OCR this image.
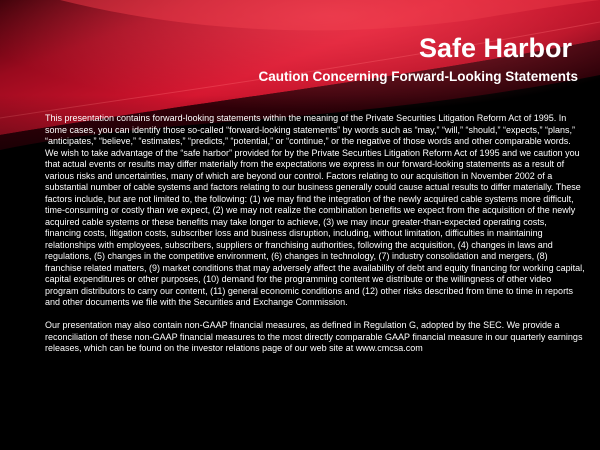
Safe Harbor
Caution Concerning Forward-Looking Statements

This presentation contains forward-looking statements within the meaning of the Private Securities Litigation Reform Act of 1995. In some cases, you can identify those so-called “forward-looking statements” by words such as “may,” “will,” “should,” “expects,” “plans,” “anticipates,” “believe,” “estimates,” “predicts,” “potential,” or “continue,” or the negative of those words and other comparable words. We wish to take advantage of the “safe harbor” provided for by the Private Securities Litigation Reform Act of 1995 and we caution you that actual events or results may differ materially from the expectations we express in our forward-looking statements as a result of various risks and uncertainties, many of which are beyond our control. Factors relating to our acquisition in November 2002 of a substantial number of cable systems and factors relating to our business generally could cause actual results to differ materially. These factors include, but are not limited to, the following: (1) we may find the integration of the newly acquired cable systems more difficult, time-consuming or costly than we expect, (2) we may not realize the combination benefits we expect from the acquisition of the newly acquired cable systems or these benefits may take longer to achieve, (3) we may incur greater-than-expected operating costs, financing costs, litigation costs, subscriber loss and business disruption, including, without limitation, difficulties in maintaining relationships with employees, subscribers, suppliers or franchising authorities, following the acquisition, (4) changes in laws and regulations, (5) changes in the competitive environment, (6) changes in technology, (7) industry consolidation and mergers, (8) franchise related matters, (9) market conditions that may adversely affect the availability of debt and equity financing for working capital, capital expenditures or other purposes, (10) demand for the programming content we distribute or the willingness of other video program distributors to carry our content, (11) general economic conditions and (12) other risks described from time to time in reports and other documents we file with the Securities and Exchange Commission.

Our presentation may also contain non-GAAP financial measures, as defined in Regulation G, adopted by the SEC. We provide a reconciliation of these non-GAAP financial measures to the most directly comparable GAAP financial measure in our quarterly earnings releases, which can be found on the investor relations page of our web site at www.cmcsa.com
